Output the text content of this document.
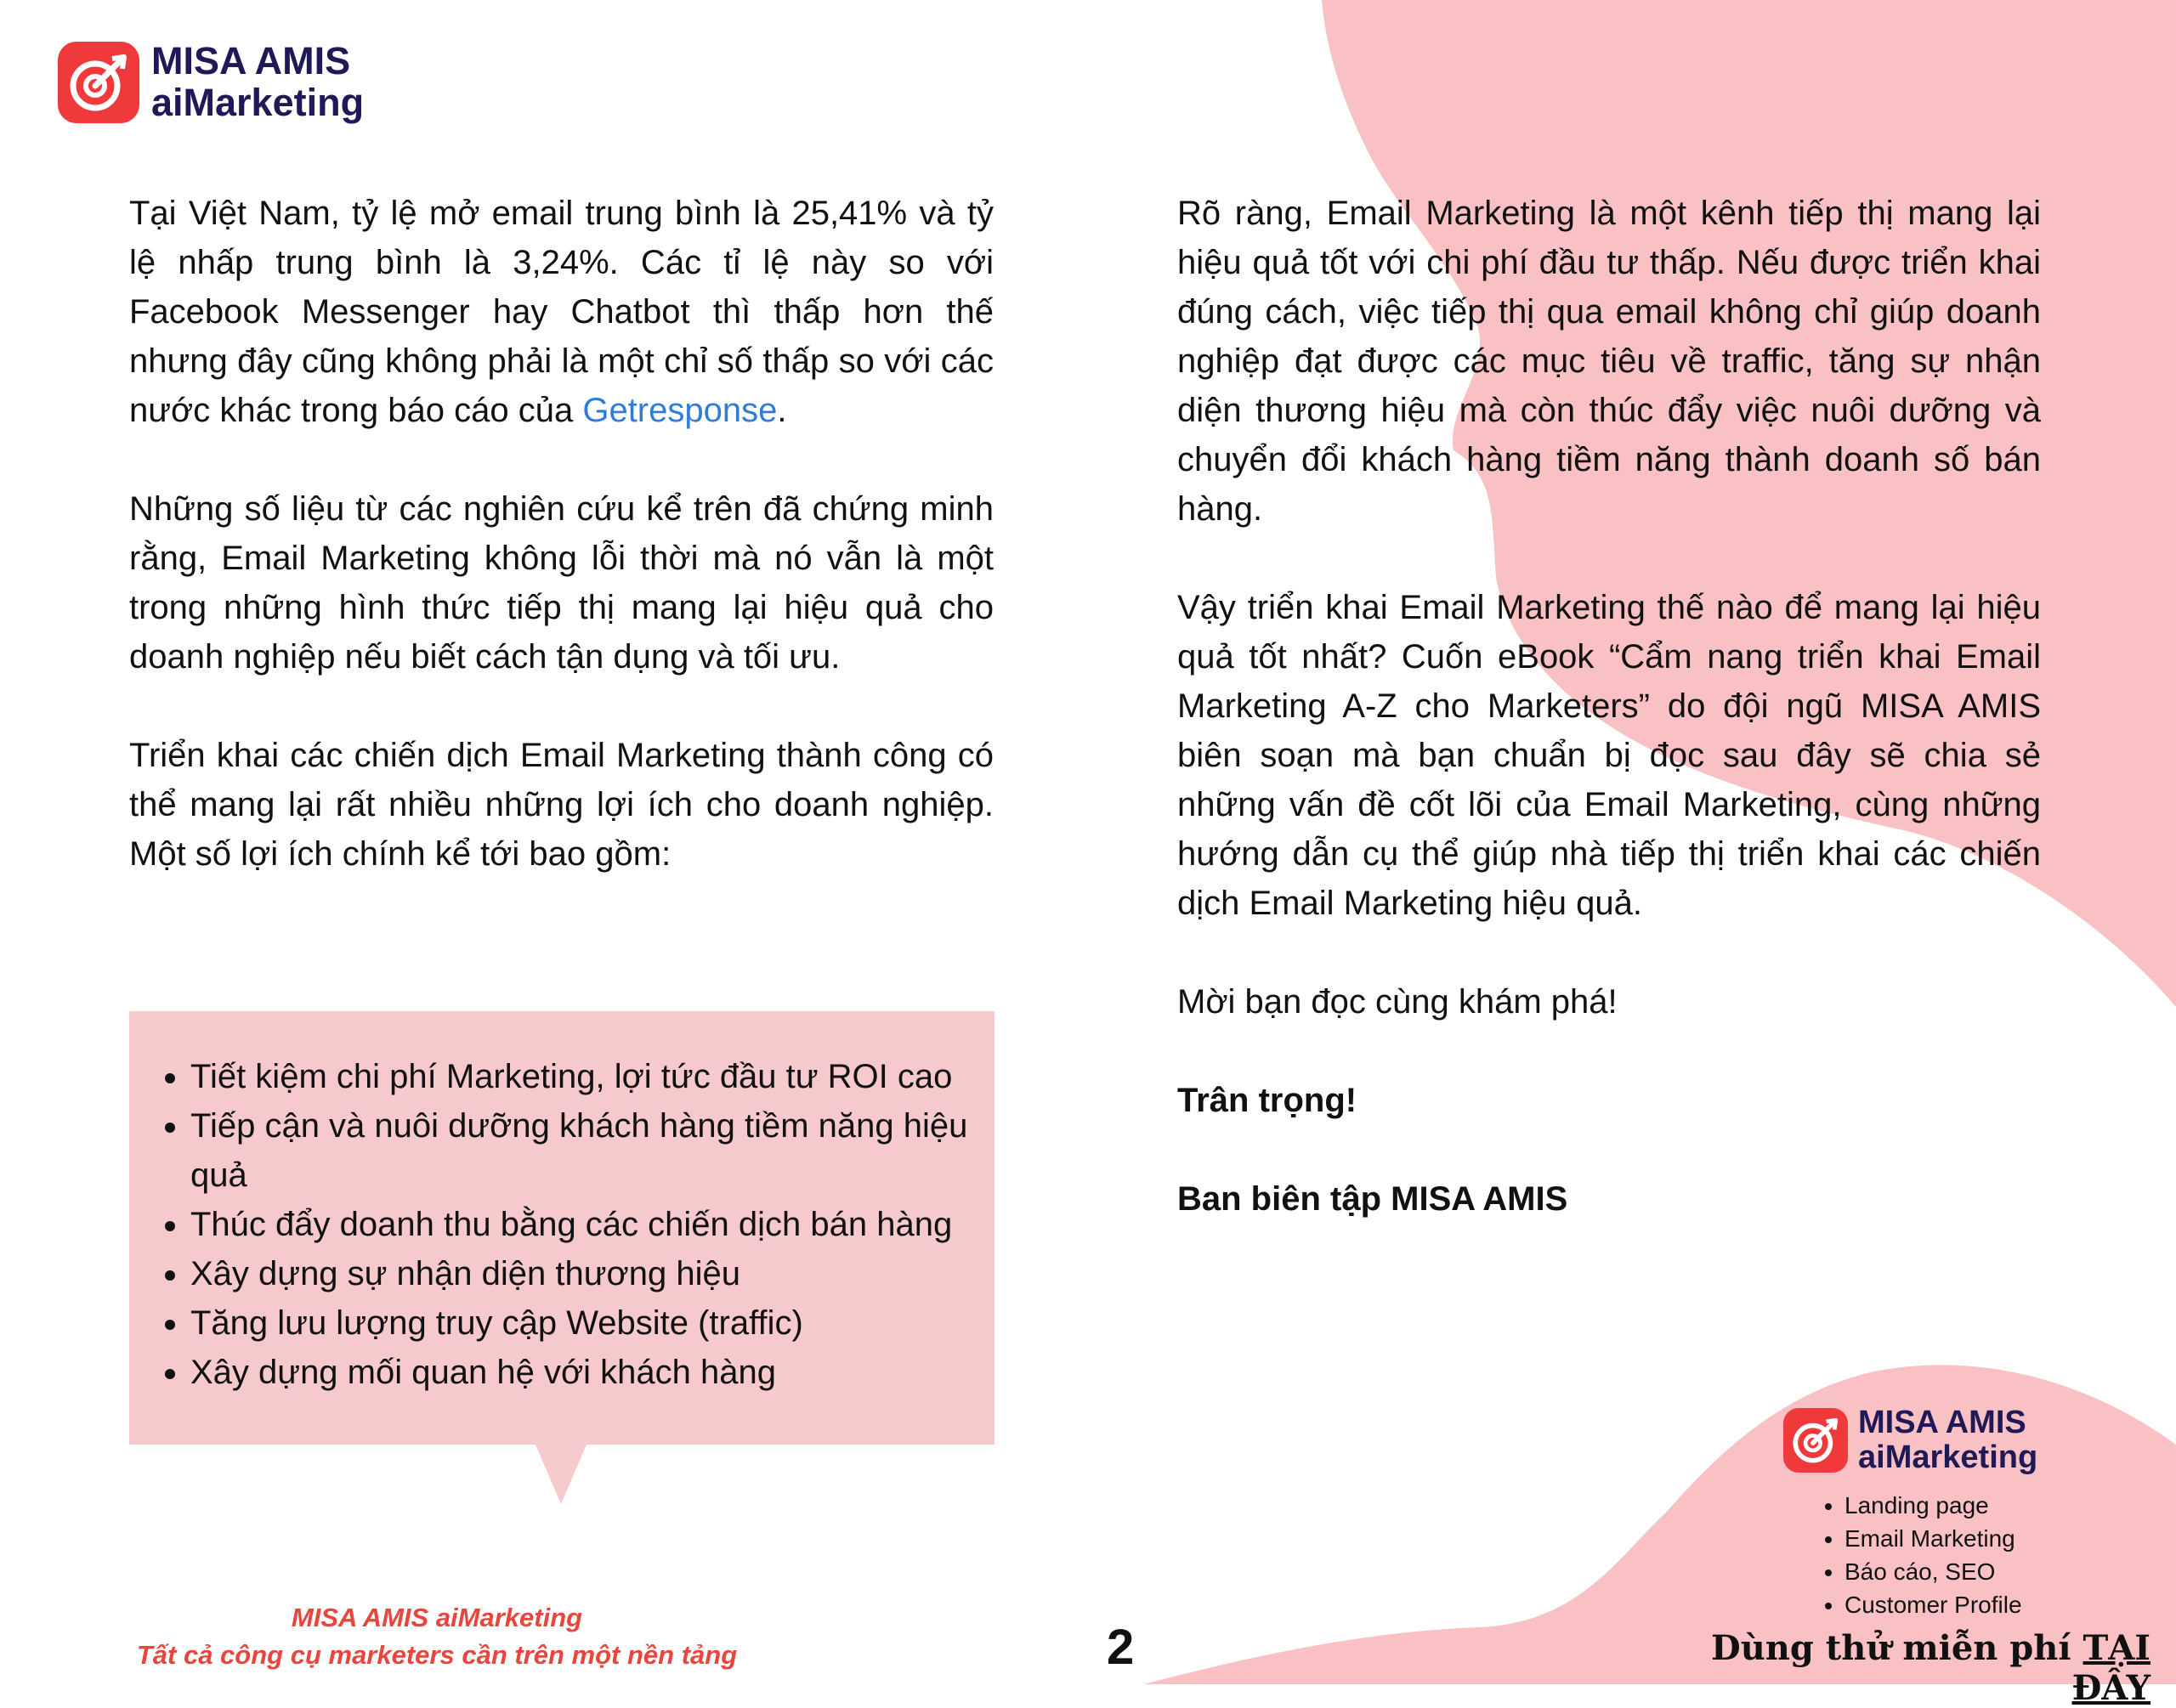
MISA AMIS
aiMarketing

Tại Việt Nam, tỷ lệ mở email trung bình là 25,41% và tỷ lệ nhấp trung bình là 3,24%. Các tỉ lệ này so với Facebook Messenger hay Chatbot thì thấp hơn thế nhưng đây cũng không phải là một chỉ số thấp so với các nước khác trong báo cáo của Getresponse.

Những số liệu từ các nghiên cứu kể trên đã chứng minh rằng, Email Marketing không lỗi thời mà nó vẫn là một trong những hình thức tiếp thị mang lại hiệu quả cho doanh nghiệp nếu biết cách tận dụng và tối ưu.

Triển khai các chiến dịch Email Marketing thành công có thể mang lại rất nhiều những lợi ích cho doanh nghiệp. Một số lợi ích chính kể tới bao gồm:

• Tiết kiệm chi phí Marketing, lợi tức đầu tư ROI cao
• Tiếp cận và nuôi dưỡng khách hàng tiềm năng hiệu quả
• Thúc đẩy doanh thu bằng các chiến dịch bán hàng
• Xây dựng sự nhận diện thương hiệu
• Tăng lưu lượng truy cập Website (traffic)
• Xây dựng mối quan hệ với khách hàng

Rõ ràng, Email Marketing là một kênh tiếp thị mang lại hiệu quả tốt với chi phí đầu tư thấp. Nếu được triển khai đúng cách, việc tiếp thị qua email không chỉ giúp doanh nghiệp đạt được các mục tiêu về traffic, tăng sự nhận diện thương hiệu mà còn thúc đẩy việc nuôi dưỡng và chuyển đổi khách hàng tiềm năng thành doanh số bán hàng.

Vậy triển khai Email Marketing thế nào để mang lại hiệu quả tốt nhất? Cuốn eBook “Cẩm nang triển khai Email Marketing A-Z cho Marketers” do đội ngũ MISA AMIS biên soạn mà bạn chuẩn bị đọc sau đây sẽ chia sẻ những vấn đề cốt lõi của Email Marketing, cùng những hướng dẫn cụ thể giúp nhà tiếp thị triển khai các chiến dịch Email Marketing hiệu quả.

Mời bạn đọc cùng khám phá!

Trân trọng!

Ban biên tập MISA AMIS

MISA AMIS aiMarketing
Tất cả công cụ marketers cần trên một nền tảng	2
MISA AMIS
aiMarketing
• Landing page
• Email Marketing
• Báo cáo, SEO
• Customer Profile
Dùng thử miễn phí TẠI ĐÂY
